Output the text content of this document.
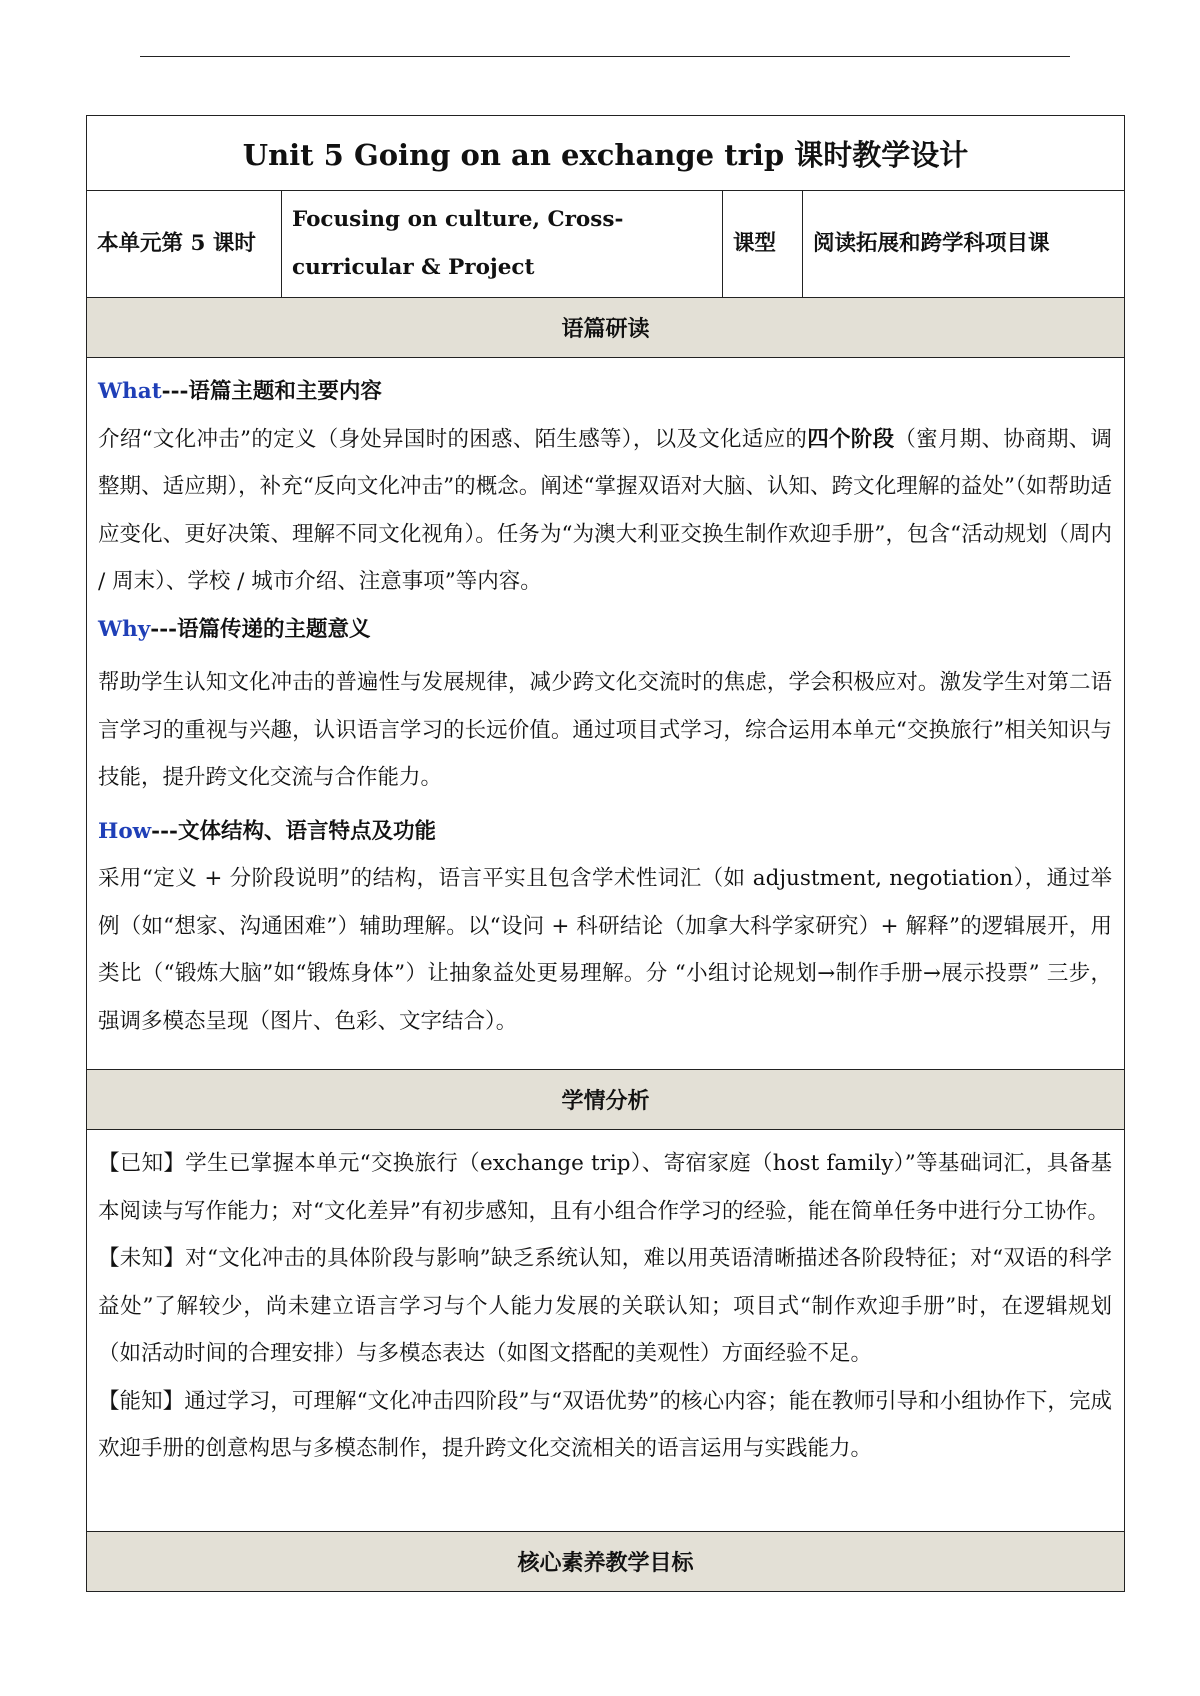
Unit 5 Going on an exchange trip 课时教学设计
本单元第 5 课时	Focusing on culture, Cross-curricular & Project	课型	阅读拓展和跨学科项目课
语篇研读

What---语篇主题和主要内容

介绍“文化冲击”的定义（身处异国时的困惑、陌生感等），以及文化适应的四个阶段（蜜月期、协商期、调整期、适应期），补充“反向文化冲击”的概念。阐述“掌握双语对大脑、认知、跨文化理解的益处”（如帮助适应变化、更好决策、理解不同文化视角）。任务为“为澳大利亚交换生制作欢迎手册”，包含“活动规划（周内 / 周末）、学校 / 城市介绍、注意事项”等内容。

Why---语篇传递的主题意义

帮助学生认知文化冲击的普遍性与发展规律，减少跨文化交流时的焦虑，学会积极应对。激发学生对第二语言学习的重视与兴趣，认识语言学习的长远价值。通过项目式学习，综合运用本单元“交换旅行”相关知识与技能，提升跨文化交流与合作能力。

How---文体结构、语言特点及功能

采用“定义 + 分阶段说明”的结构，语言平实且包含学术性词汇（如 adjustment, negotiation），通过举例（如“想家、沟通困难”）辅助理解。以“设问 + 科研结论（加拿大科学家研究）+ 解释”的逻辑展开，用类比（“锻炼大脑”如“锻炼身体”）让抽象益处更易理解。分 “小组讨论规划→制作手册→展示投票” 三步，强调多模态呈现（图片、色彩、文字结合）。

学情分析

【已知】学生已掌握本单元“交换旅行（exchange trip）、寄宿家庭（host family）”等基础词汇，具备基本阅读与写作能力；对“文化差异”有初步感知，且有小组合作学习的经验，能在简单任务中进行分工协作。

【未知】对“文化冲击的具体阶段与影响”缺乏系统认知，难以用英语清晰描述各阶段特征；对“双语的科学益处”了解较少，尚未建立语言学习与个人能力发展的关联认知；项目式“制作欢迎手册”时，在逻辑规划（如活动时间的合理安排）与多模态表达（如图文搭配的美观性）方面经验不足。

【能知】通过学习，可理解“文化冲击四阶段”与“双语优势”的核心内容；能在教师引导和小组协作下，完成欢迎手册的创意构思与多模态制作，提升跨文化交流相关的语言运用与实践能力。

核心素养教学目标
